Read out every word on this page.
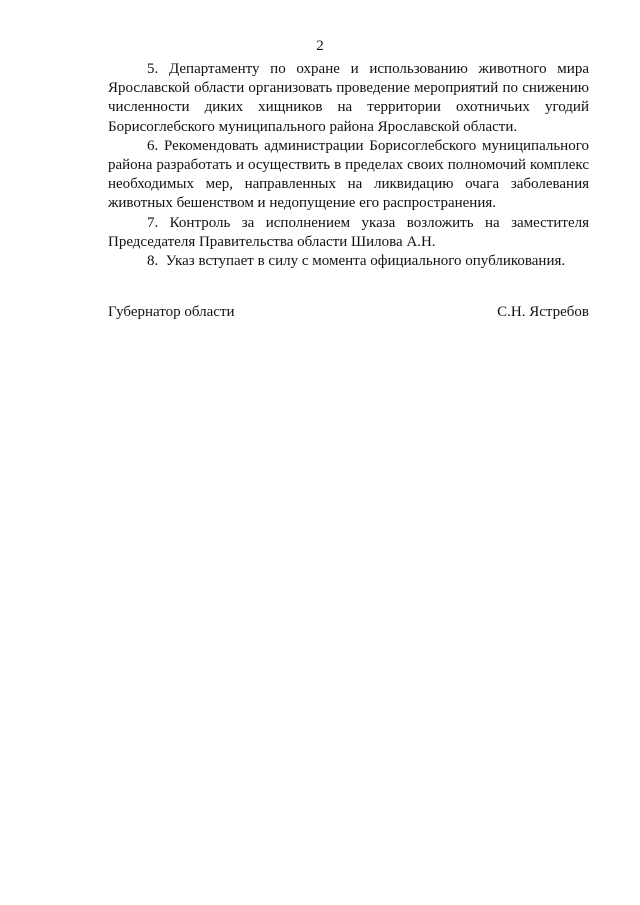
2

5. Департаменту по охране и использованию животного мира Ярославской области организовать проведение мероприятий по снижению численности диких хищников на территории охотничьих угодий Борисоглебского муниципального района Ярославской области.

6. Рекомендовать администрации Борисоглебского муниципального района разработать и осуществить в пределах своих полномочий комплекс необходимых мер, направленных на ликвидацию очага заболевания животных бешенством и недопущение его распространения.

7. Контроль за исполнением указа возложить на заместителя Председателя Правительства области Шилова А.Н.

8. Указ вступает в силу с момента официального опубликования.

Губернатор области	С.Н. Ястребов
